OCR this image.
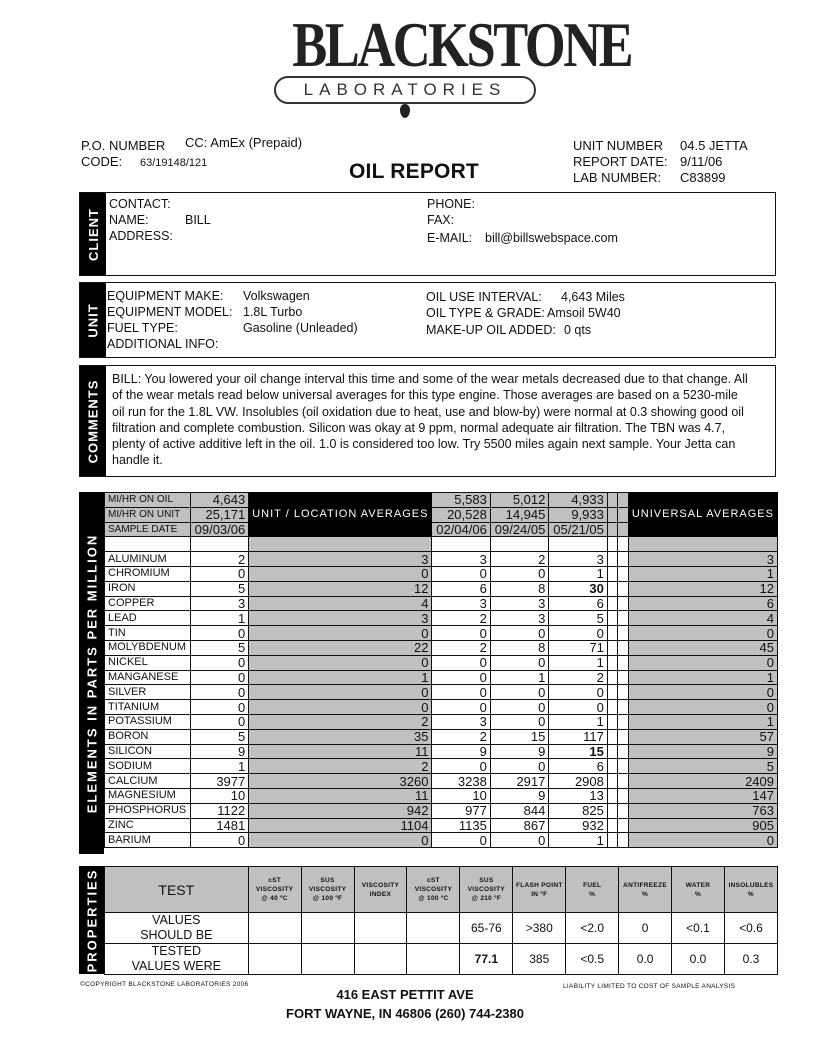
BLACKSTONE
LABORATORIES
P.O. NUMBER CC: AmEx (Prepaid)
CODE: 63/19148/121	OIL REPORT
UNIT NUMBER 04.5 JETTA
REPORT DATE: 9/11/06
LAB NUMBER: C83899
CLIENT
CONTACT:
NAME:	BILL
ADDRESS:
PHONE:
FAX:
E-MAIL: bill@billswebspace.com
UNIT
EQUIPMENT MAKE: Volkswagen
EQUIPMENT MODEL: 1.8L Turbo
FUEL TYPE:	Gasoline (Unleaded)
ADDITIONAL INFO:
OIL USE INTERVAL: 4,643 Miles
OIL TYPE & GRADE: Amsoil 5W40
MAKE-UP OIL ADDED: 0 qts
COMMENTS
BILL: You lowered your oil change interval this time and some of the wear metals decreased due to that change. All of the wear metals read below universal averages for this type engine. Those averages are based on a 5230-mile oil run for the 1.8L VW. Insolubles (oil oxidation due to heat, use and blow-by) were normal at 0.3 showing good oil filtration and complete combustion. Silicon was okay at 9 ppm, normal adequate air filtration. The TBN was 4.7, plenty of active additive left in the oil. 1.0 is considered too low. Try 5500 miles again next sample. Your Jetta can handle it.
ELEMENTS IN PARTS PER MILLION
MI/HR ON OIL	4,643	UNIT / LOCATION AVERAGES	5,583	5,012	4,933			UNIVERSAL AVERAGES
MI/HR ON UNIT	25,171		20,528	14,945	9,933			
SAMPLE DATE	09/03/06		02/04/06	09/24/05	05/21/05			

ALUMINUM	2	3	3	2	3			3
CHROMIUM	0	0	0	0	1			1
IRON	5	12	6	8	30			12
COPPER	3	4	3	3	6			6
LEAD	1	3	2	3	5			4
TIN	0	0	0	0	0			0
MOLYBDENUM	5	22	2	8	71			45
NICKEL	0	0	0	0	1			0
MANGANESE	0	1	0	1	2			1
SILVER	0	0	0	0	0			0
TITANIUM	0	0	0	0	0			0
POTASSIUM	0	2	3	0	1			1
BORON	5	35	2	15	117			57
SILICON	9	11	9	9	15			9
SODIUM	1	2	0	0	6			5
CALCIUM	3977	3260	3238	2917	2908			2409
MAGNESIUM	10	11	10	9	13			147
PHOSPHORUS	1122	942	977	844	825			763
ZINC	1481	1104	1135	867	932			905
BARIUM	0	0	0	0	1			0
PROPERTIES	TEST	
cST
VISCOSITY
@ 40 ºC

SUS
VISCOSITY
@ 100 ºF

VISCOSITY
INDEX

cST
VISCOSITY
@ 100 ºC

SUS
VISCOSITY
@ 210 ºF

FLASH POINT
IN ºF

FUEL
%

ANTIFREEZE
%

WATER
%

INSOLUBLES
%

VALUES
SHOULD BE					65-76	>380	<2.0	0	<0.1	<0.6

TESTED
VALUES WERE					77.1	385	<0.5	0.0	0.0	0.3
©COPYRIGHT BLACKSTONE LABORATORIES 2006	LIABILITY LIMITED TO COST OF SAMPLE ANALYSIS
416 EAST PETTIT AVE
FORT WAYNE, IN 46806 (260) 744-2380
